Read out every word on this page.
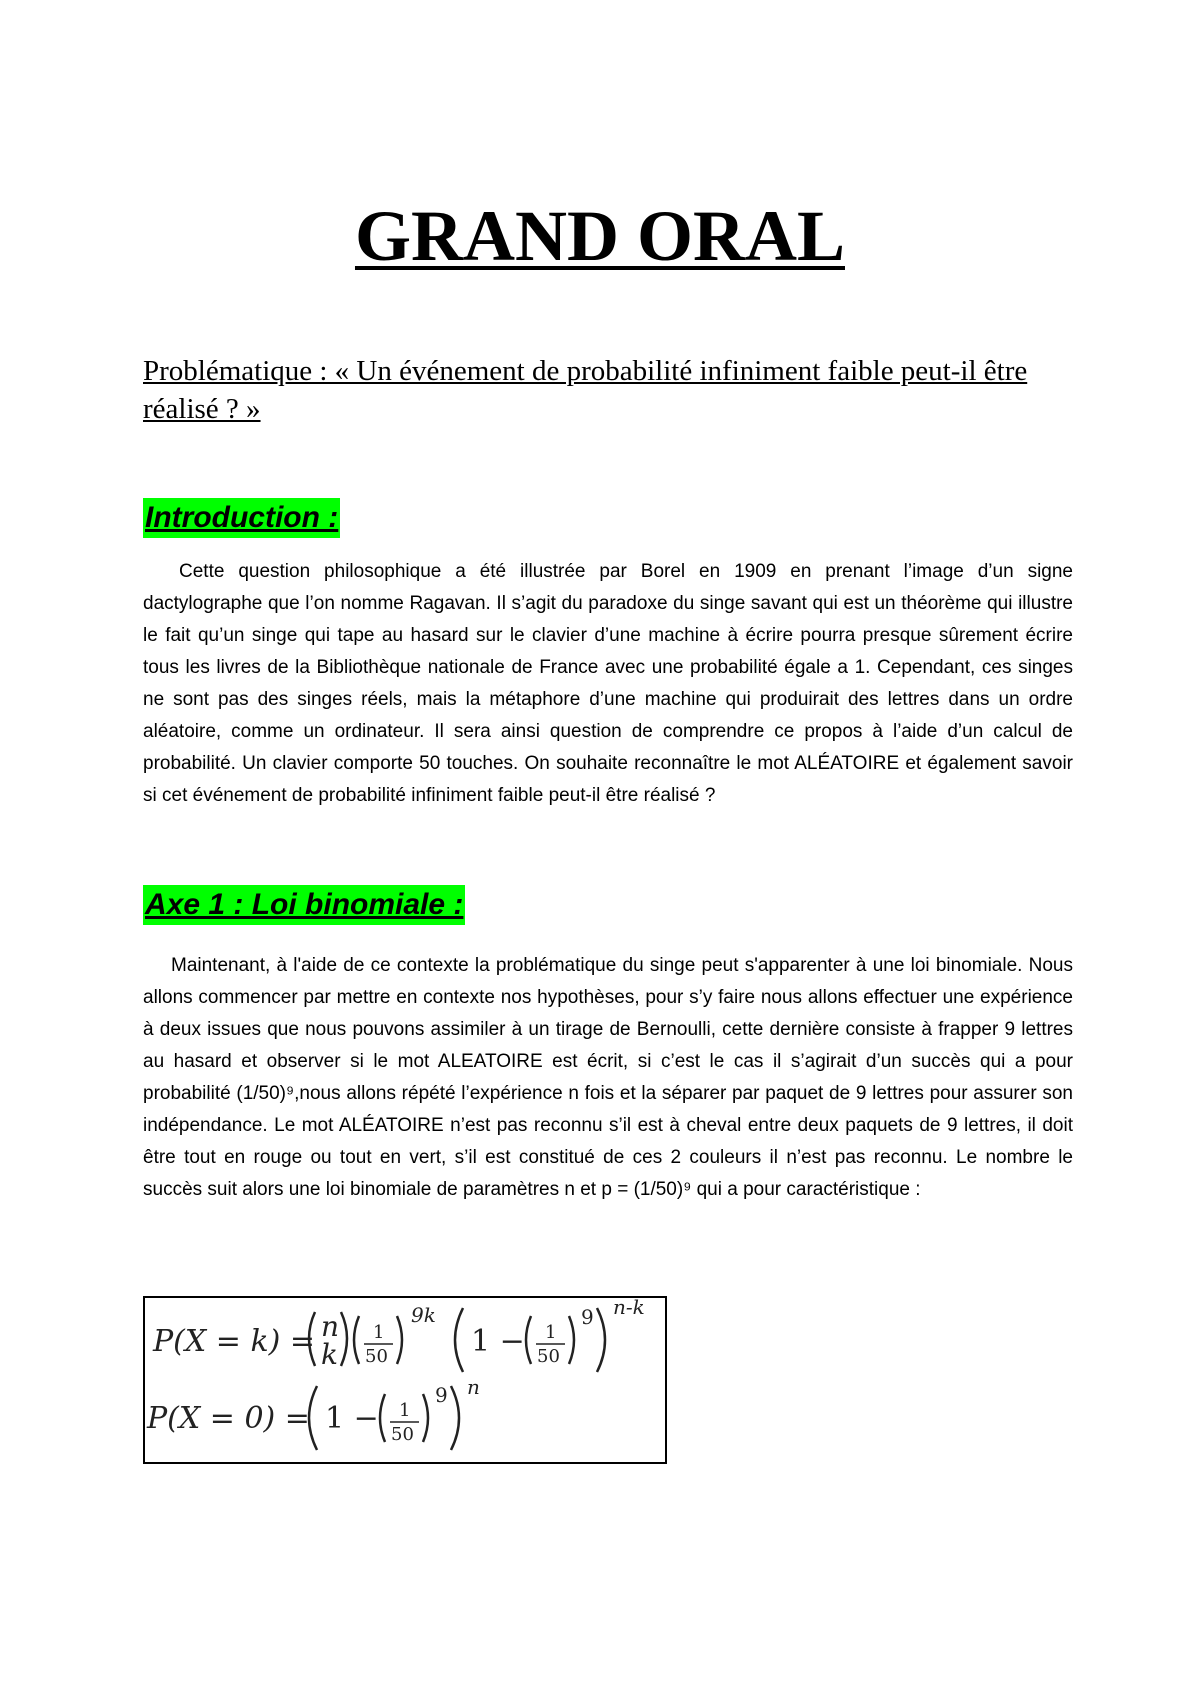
GRAND ORAL

Problématique : « Un événement de probabilité infiniment faible peut-il être réalisé ? »

Introduction :

Cette question philosophique a été illustrée par Borel en 1909 en prenant l’image d’un signe dactylographe que l’on nomme Ragavan. Il s’agit du paradoxe du singe savant qui est un théorème qui illustre le fait qu’un singe qui tape au hasard sur le clavier d’une machine à écrire pourra presque sûrement écrire tous les livres de la Bibliothèque nationale de France avec une probabilité égale a 1. Cependant, ces singes ne sont pas des singes réels, mais la métaphore d’une machine qui produirait des lettres dans un ordre aléatoire, comme un ordinateur. Il sera ainsi question de comprendre ce propos à l’aide d’un calcul de probabilité. Un clavier comporte 50 touches. On souhaite reconnaître le mot ALÉATOIRE et également savoir si cet événement de probabilité infiniment faible peut-il être réalisé ?

Axe 1 : Loi binomiale :

Maintenant, à l'aide de ce contexte la problématique du singe peut s'apparenter à une loi binomiale. Nous allons commencer par mettre en contexte nos hypothèses, pour s’y faire nous allons effectuer une expérience à deux issues que nous pouvons assimiler à un tirage de Bernoulli, cette dernière consiste à frapper 9 lettres au hasard et observer si le mot ALEATOIRE est écrit, si c’est le cas il s’agirait d’un succès qui a pour probabilité (1/50)⁹,nous allons répété l’expérience n fois et la séparer par paquet de 9 lettres pour assurer son indépendance. Le mot ALÉATOIRE n’est pas reconnu s’il est à cheval entre deux paquets de 9 lettres, il doit être tout en rouge ou tout en vert, s’il est constitué de ces 2 couleurs il n’est pas reconnu. Le nombre le succès suit alors une loi binomiale de paramètres n et p = (1/50)⁹ qui a pour caractéristique :

P(X = k) = n
k
1
50
9k
1 − 1
50
9 n-k
P(X = 0) = 1 − 1
50
9 n
